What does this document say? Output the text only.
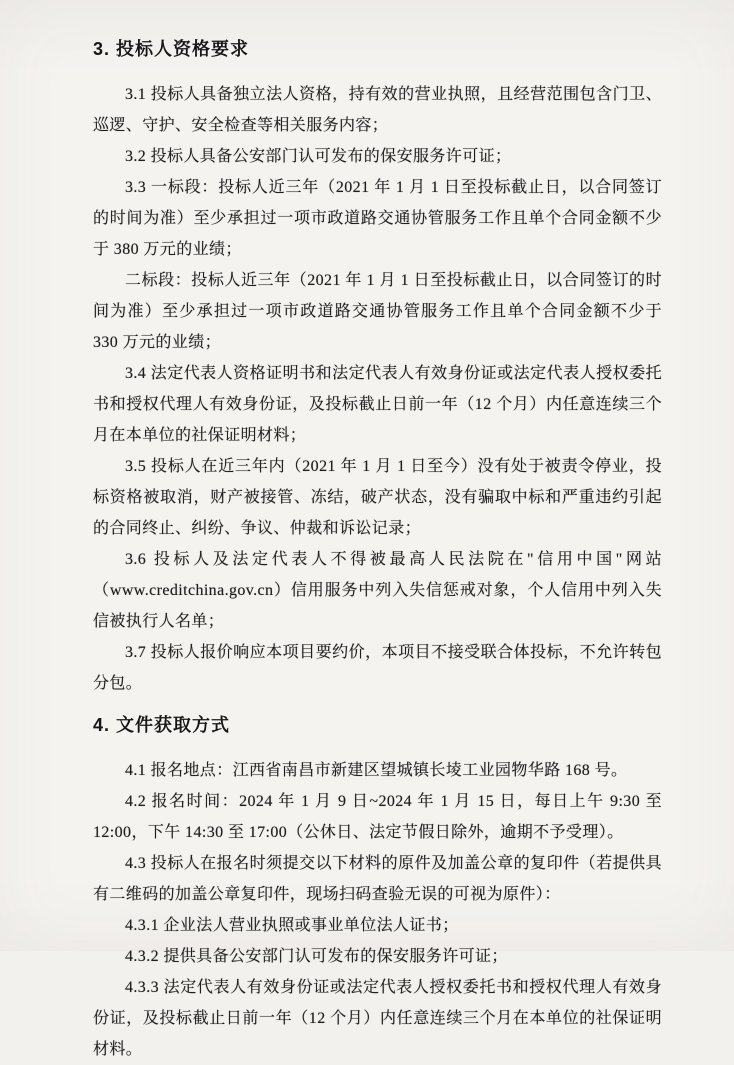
3. 投标人资格要求

3.1 投标人具备独立法人资格，持有效的营业执照，且经营范围包含门卫、巡逻、守护、安全检查等相关服务内容；

3.2 投标人具备公安部门认可发布的保安服务许可证；

3.3 一标段：投标人近三年（2021 年 1 月 1 日至投标截止日，以合同签订的时间为准）至少承担过一项市政道路交通协管服务工作且单个合同金额不少于 380 万元的业绩；

二标段：投标人近三年（2021 年 1 月 1 日至投标截止日，以合同签订的时间为准）至少承担过一项市政道路交通协管服务工作且单个合同金额不少于 330 万元的业绩；

3.4 法定代表人资格证明书和法定代表人有效身份证或法定代表人授权委托书和授权代理人有效身份证，及投标截止日前一年（12 个月）内任意连续三个月在本单位的社保证明材料；

3.5 投标人在近三年内（2021 年 1 月 1 日至今）没有处于被责令停业，投标资格被取消，财产被接管、冻结，破产状态，没有骗取中标和严重违约引起的合同终止、纠纷、争议、仲裁和诉讼记录；

3.6 投标人及法定代表人不得被最高人民法院在"信用中国"网站（www.creditchina.gov.cn）信用服务中列入失信惩戒对象，个人信用中列入失信被执行人名单；

3.7 投标人报价响应本项目要约价，本项目不接受联合体投标，不允许转包分包。

4. 文件获取方式

4.1 报名地点：江西省南昌市新建区望城镇长堎工业园物华路 168 号。

4.2 报名时间：2024 年 1 月 9 日~2024 年 1 月 15 日，每日上午 9:30 至 12:00，下午 14:30 至 17:00（公休日、法定节假日除外，逾期不予受理）。

4.3 投标人在报名时须提交以下材料的原件及加盖公章的复印件（若提供具有二维码的加盖公章复印件，现场扫码查验无误的可视为原件）：

4.3.1 企业法人营业执照或事业单位法人证书；

4.3.2 提供具备公安部门认可发布的保安服务许可证；

4.3.3 法定代表人有效身份证或法定代表人授权委托书和授权代理人有效身份证，及投标截止日前一年（12 个月）内任意连续三个月在本单位的社保证明材料。
